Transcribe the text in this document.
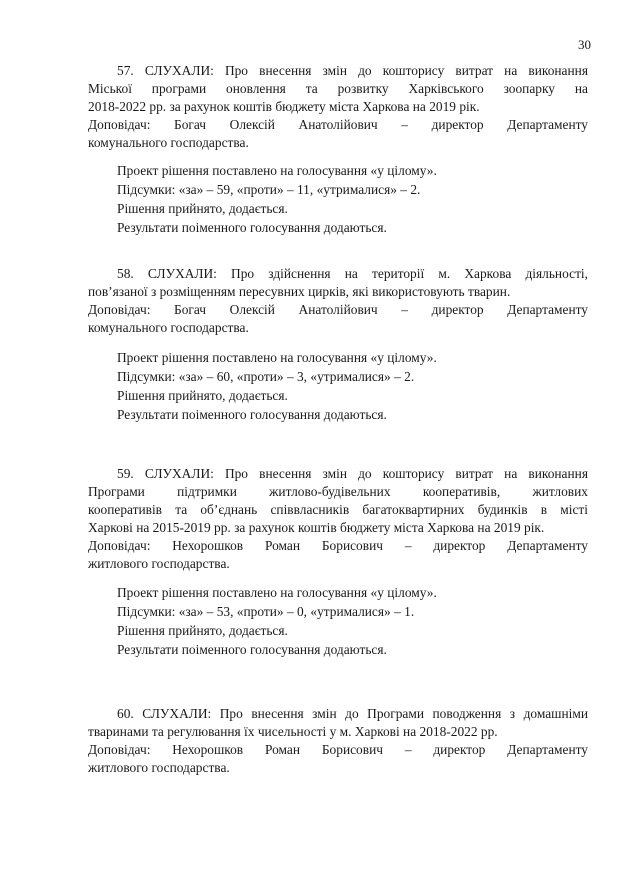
30

57. СЛУХАЛИ: Про внесення змін до кошторису витрат на виконання

Міської програми оновлення та розвитку Харківського зоопарку на

2018-2022 рр. за рахунок коштів бюджету міста Харкова на 2019 рік.

Доповідач: Богач Олексій Анатолійович – директор Департаменту

комунального господарства.

Проект рішення поставлено на голосування «у цілому».

Підсумки: «за» – 59, «проти» – 11, «утрималися» – 2.

Рішення прийнято, додається.

Результати поіменного голосування додаються.

58. СЛУХАЛИ: Про здійснення на території м. Харкова діяльності,

пов’язаної з розміщенням пересувних цирків, які використовують тварин.

Доповідач: Богач Олексій Анатолійович – директор Департаменту

комунального господарства.

Проект рішення поставлено на голосування «у цілому».

Підсумки: «за» – 60, «проти» – 3, «утрималися» – 2.

Рішення прийнято, додається.

Результати поіменного голосування додаються.

59. СЛУХАЛИ: Про внесення змін до кошторису витрат на виконання

Програми підтримки житлово-будівельних кооперативів, житлових

кооперативів та об’єднань співвласників багатоквартирних будинків в місті

Харкові на 2015-2019 рр. за рахунок коштів бюджету міста Харкова на 2019 рік.

Доповідач: Нехорошков Роман Борисович – директор Департаменту

житлового господарства.

Проект рішення поставлено на голосування «у цілому».

Підсумки: «за» – 53, «проти» – 0, «утрималися» – 1.

Рішення прийнято, додається.

Результати поіменного голосування додаються.

60. СЛУХАЛИ: Про внесення змін до Програми поводження з домашніми

тваринами та регулювання їх чисельності у м. Харкові на 2018-2022 рр.

Доповідач: Нехорошков Роман Борисович – директор Департаменту

житлового господарства.
